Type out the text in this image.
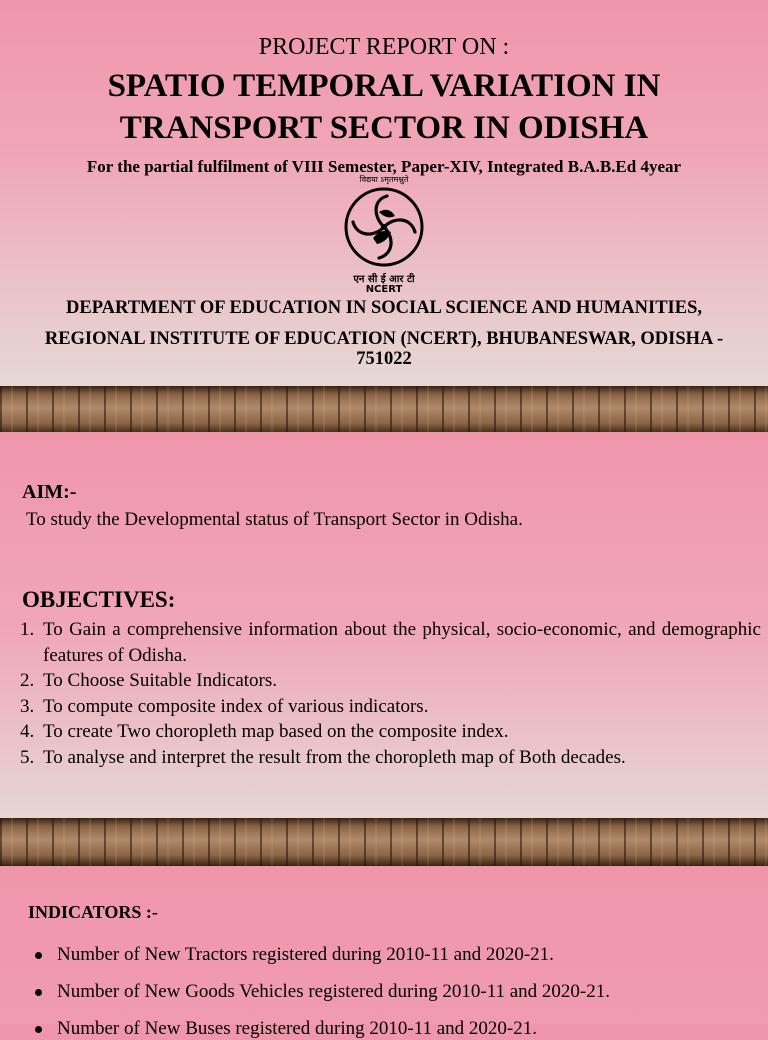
PROJECT REPORT ON :
SPATIO TEMPORAL VARIATION IN
TRANSPORT SECTOR IN ODISHA
For the partial fulfilment of VIII Semester, Paper-XIV, Integrated B.A.B.Ed 4year
विद्यया ऽमृतमश्नुते
एन सी ई आर टी
NCERT
DEPARTMENT OF EDUCATION IN SOCIAL SCIENCE AND HUMANITIES,
REGIONAL INSTITUTE OF EDUCATION (NCERT), BHUBANESWAR, ODISHA - 751022
AIM:-
To study the Developmental status of Transport Sector in Odisha.
OBJECTIVES:
1. To Gain a comprehensive information about the physical, socio-economic, and demographic features of Odisha.
2. To Choose Suitable Indicators.
3. To compute composite index of various indicators.
4. To create Two choropleth map based on the composite index.
5. To analyse and interpret the result from the choropleth map of Both decades.
INDICATORS :-
Number of New Tractors registered during 2010-11 and 2020-21.
Number of New Goods Vehicles registered during 2010-11 and 2020-21.
Number of New Buses registered during 2010-11 and 2020-21.
